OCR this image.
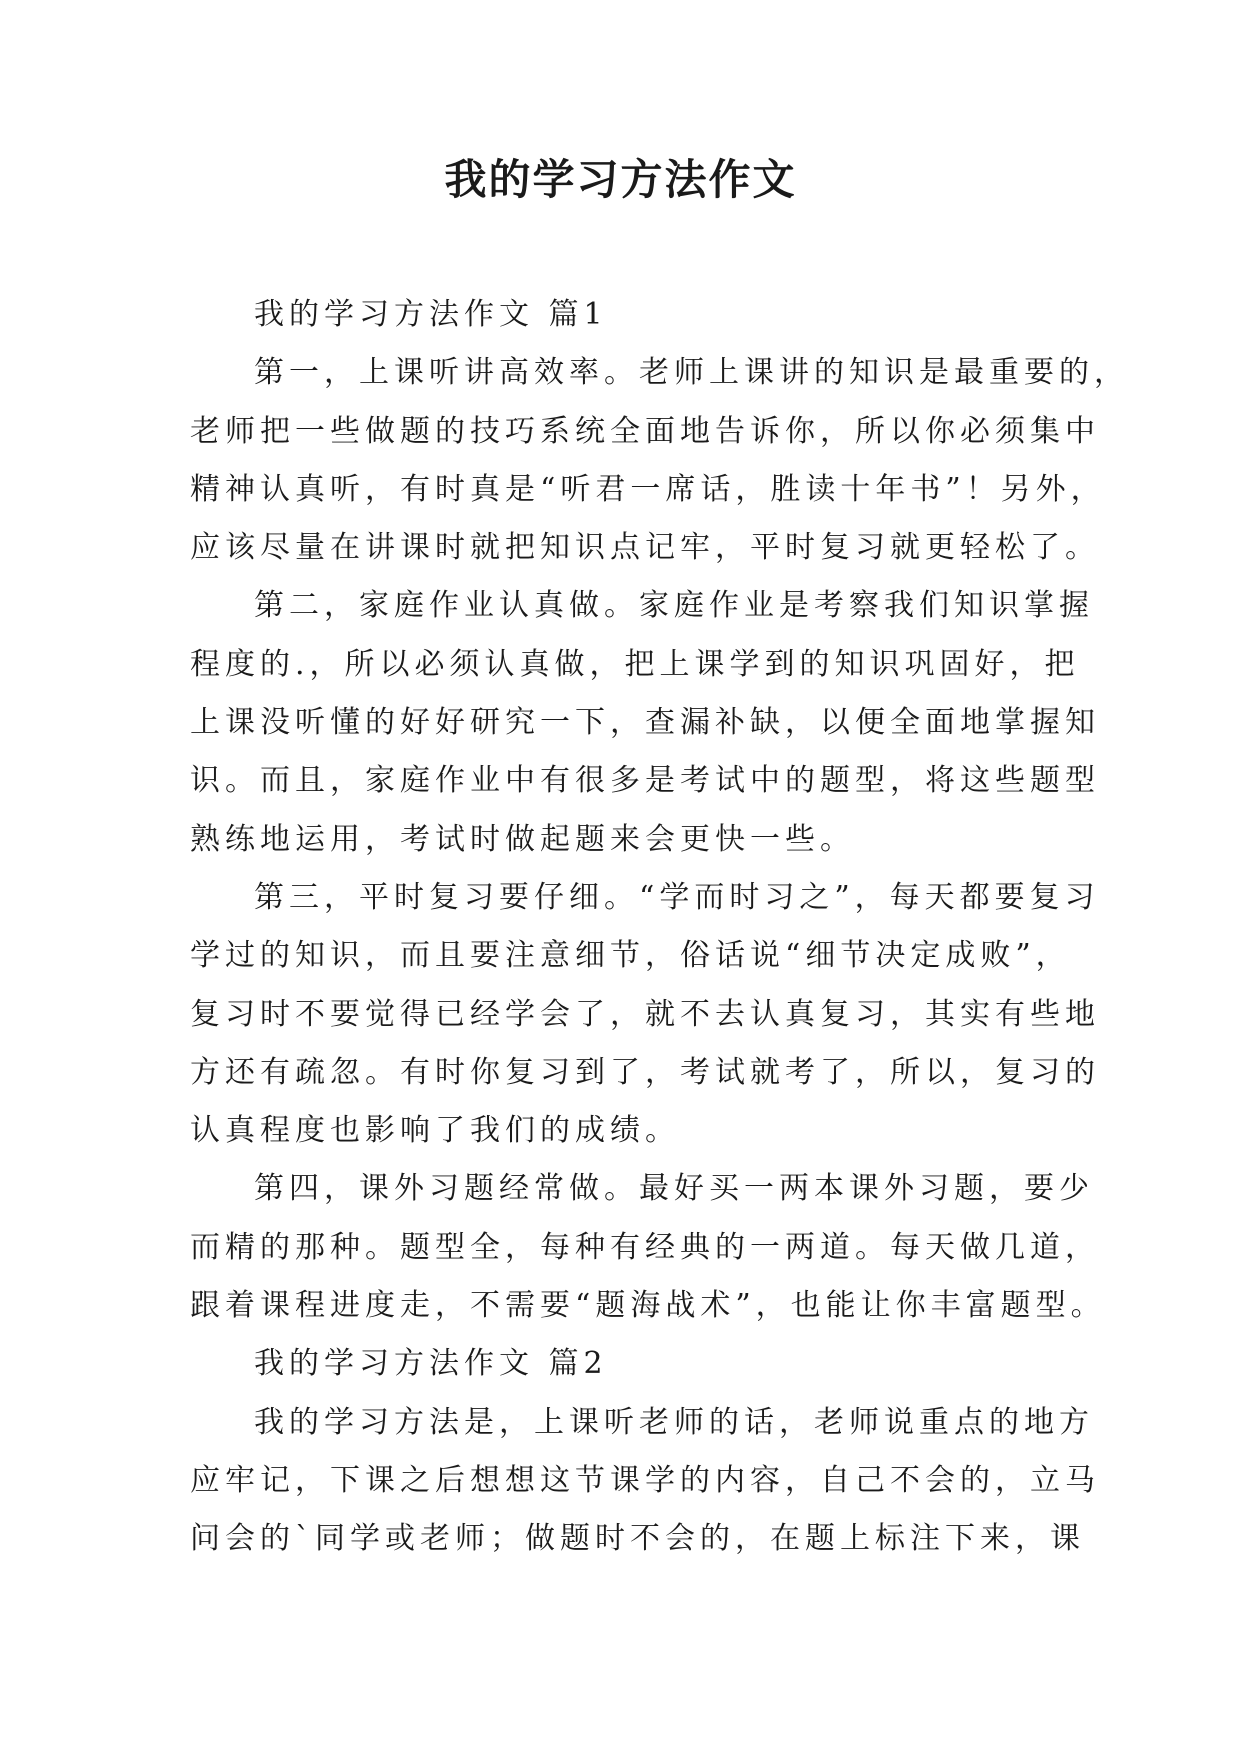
我的学习方法作文

我的学习方法作文 篇1

第一，上课听讲高效率。老师上课讲的知识是最重要的，

老师把一些做题的技巧系统全面地告诉你，所以你必须集中

精神认真听，有时真是“听君一席话，胜读十年书”！另外，

应该尽量在讲课时就把知识点记牢，平时复习就更轻松了。

第二，家庭作业认真做。家庭作业是考察我们知识掌握

程度的.，所以必须认真做，把上课学到的知识巩固好，把

上课没听懂的好好研究一下，查漏补缺，以便全面地掌握知

识。而且，家庭作业中有很多是考试中的题型，将这些题型

熟练地运用，考试时做起题来会更快一些。

第三，平时复习要仔细。“学而时习之”，每天都要复习

学过的知识，而且要注意细节，俗话说“细节决定成败”，

复习时不要觉得已经学会了，就不去认真复习，其实有些地

方还有疏忽。有时你复习到了，考试就考了，所以，复习的

认真程度也影响了我们的成绩。

第四，课外习题经常做。最好买一两本课外习题，要少

而精的那种。题型全，每种有经典的一两道。每天做几道，

跟着课程进度走，不需要“题海战术”，也能让你丰富题型。

我的学习方法作文 篇2

我的学习方法是，上课听老师的话，老师说重点的地方

应牢记，下课之后想想这节课学的内容，自己不会的，立马

问会的`同学或老师；做题时不会的，在题上标注下来，课
